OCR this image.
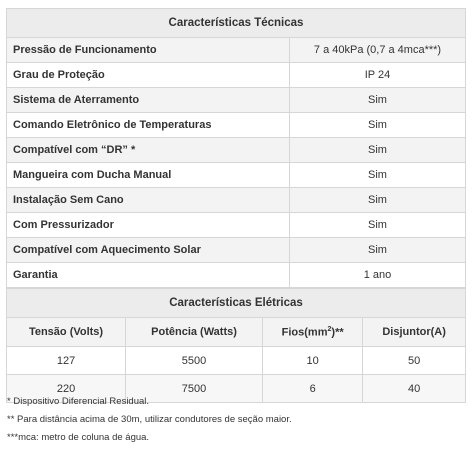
Características Técnicas	
Pressão de Funcionamento	7 a 40kPa (0,7 a 4mca***)
Grau de Proteção	IP 24
Sistema de Aterramento	Sim
Comando Eletrônico de Temperaturas	Sim
Compatível com “DR” *	Sim
Mangueira com Ducha Manual	Sim
Instalação Sem Cano	Sim
Com Pressurizador	Sim
Compatível com Aquecimento Solar	Sim
Garantia	1 ano
Características Elétricas			
Tensão (Volts)	Potência (Watts)	$Fios(mm^2)**$	Disjuntor(A)
127	5500	10	50
220	7500	6	40
* Dispositivo Diferencial Residual.
** Para distância acima de 30m, utilizar condutores de seção maior.
***mca: metro de coluna de água.
